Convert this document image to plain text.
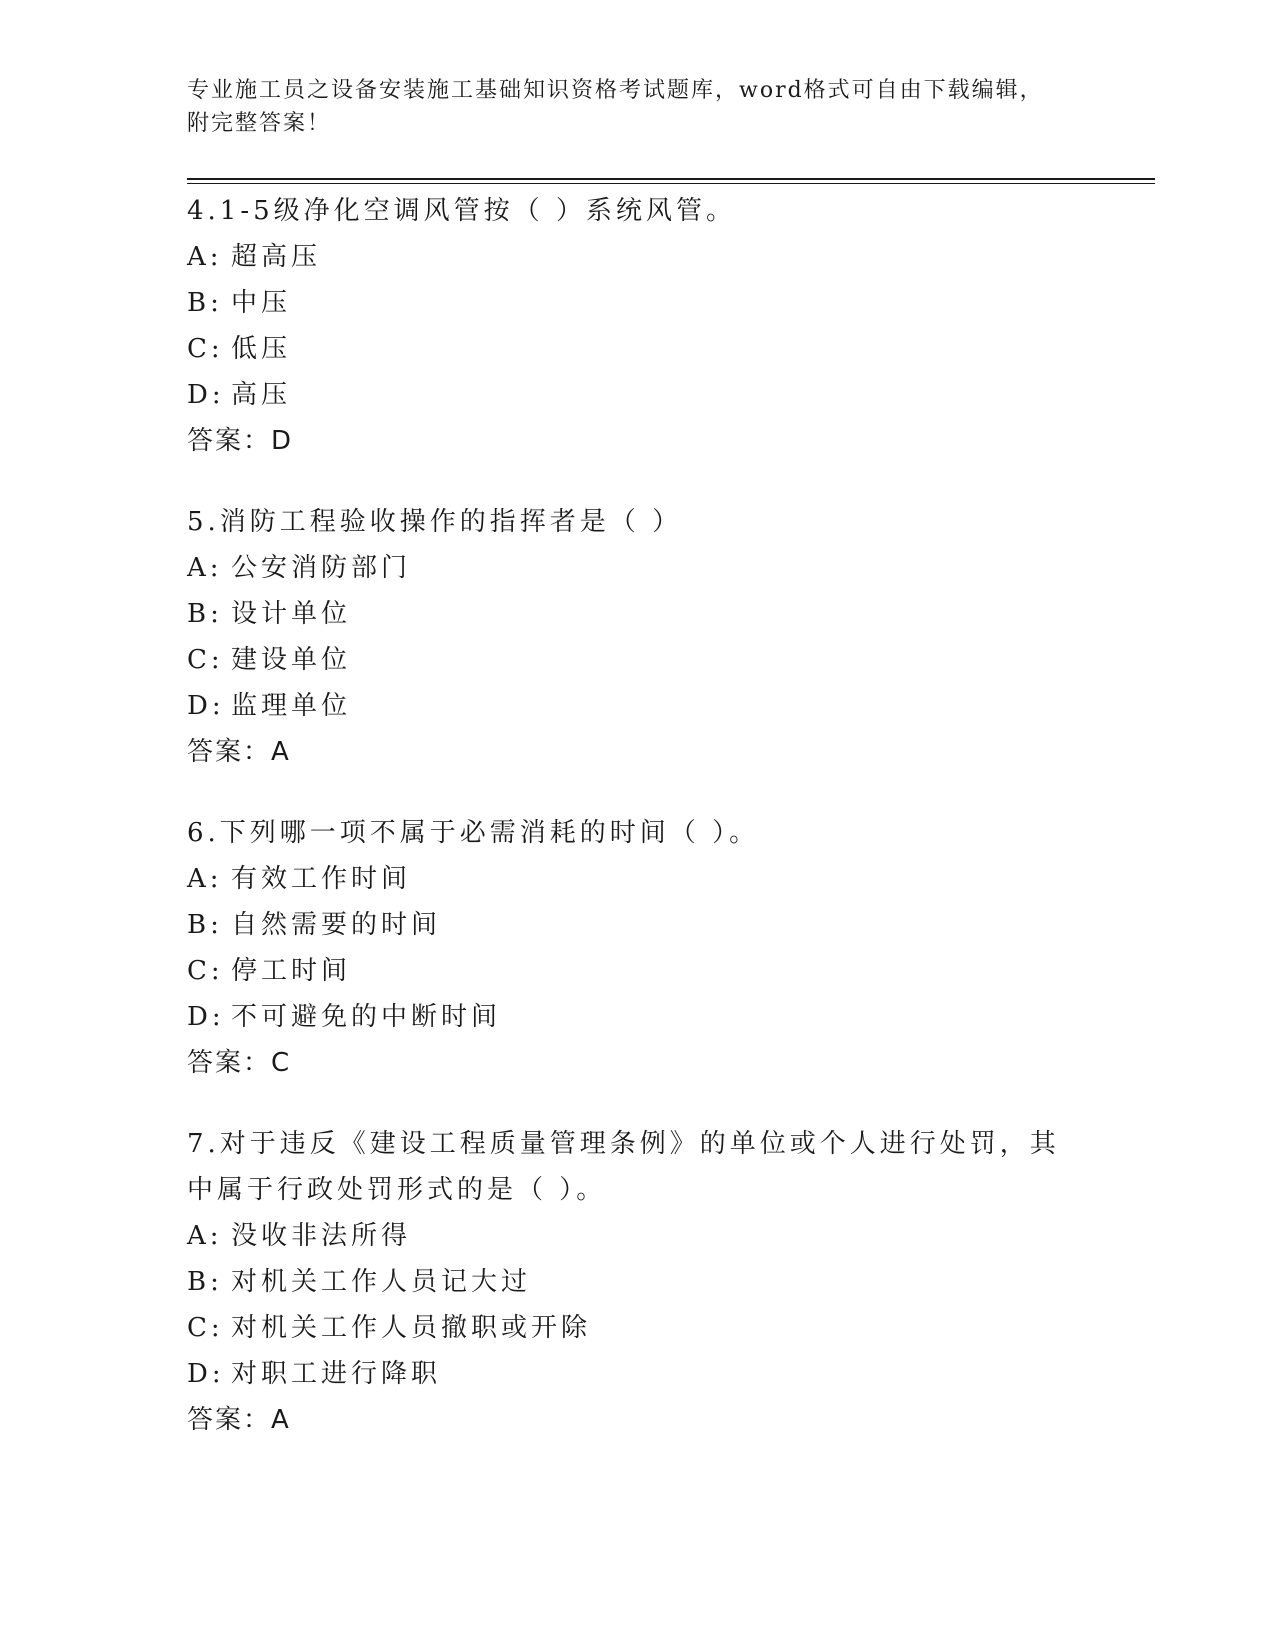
专业施工员之设备安装施工基础知识资格考试题库，word格式可自由下载编辑，
附完整答案！
4.1-5级净化空调风管按（ ）系统风管。
A: 超高压
B: 中压
C: 低压
D: 高压
答案：D
5.消防工程验收操作的指挥者是（ ）
A: 公安消防部门
B: 设计单位
C: 建设单位
D: 监理单位
答案：A
6.下列哪一项不属于必需消耗的时间（ ）。
A: 有效工作时间
B: 自然需要的时间
C: 停工时间
D: 不可避免的中断时间
答案：C
7.对于违反《建设工程质量管理条例》的单位或个人进行处罚，其中属于行政处罚形式的是（ ）。
A: 没收非法所得
B: 对机关工作人员记大过
C: 对机关工作人员撤职或开除
D: 对职工进行降职
答案：A
